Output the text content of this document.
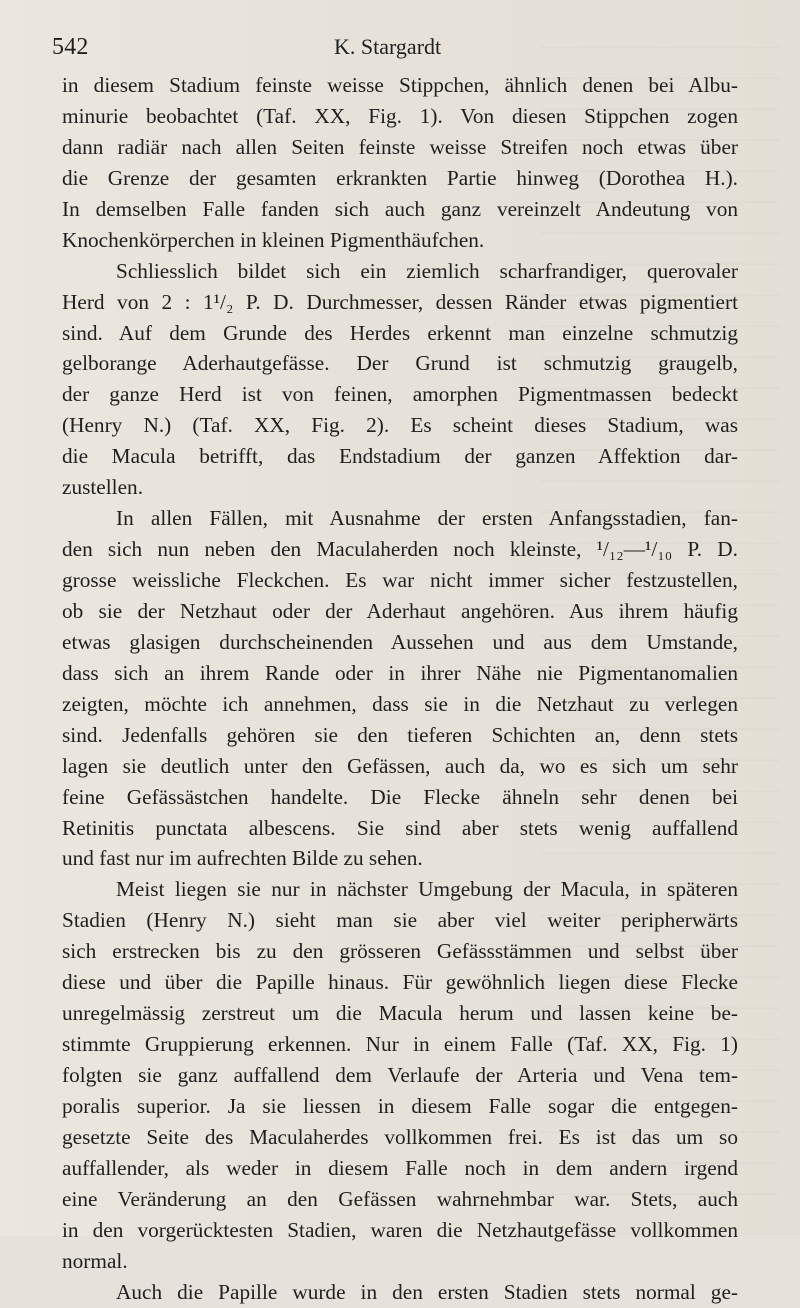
542	K. Stargardt
in diesem Stadium feinste weisse Stippchen, ähnlich denen bei Albu-
minurie beobachtet (Taf. XX, Fig. 1). Von diesen Stippchen zogen
dann radiär nach allen Seiten feinste weisse Streifen noch etwas über
die Grenze der gesamten erkrankten Partie hinweg (Dorothea H.).
In demselben Falle fanden sich auch ganz vereinzelt Andeutung von
Knochenkörperchen in kleinen Pigmenthäufchen.
Schliesslich bildet sich ein ziemlich scharfrandiger, querovaler
Herd von 2 : 1¹/₂ P. D. Durchmesser, dessen Ränder etwas pigmentiert
sind. Auf dem Grunde des Herdes erkennt man einzelne schmutzig
gelborange Aderhautgefässe. Der Grund ist schmutzig graugelb,
der ganze Herd ist von feinen, amorphen Pigmentmassen bedeckt
(Henry N.) (Taf. XX, Fig. 2). Es scheint dieses Stadium, was
die Macula betrifft, das Endstadium der ganzen Affektion dar-
zustellen.
In allen Fällen, mit Ausnahme der ersten Anfangsstadien, fan-
den sich nun neben den Maculaherden noch kleinste, ¹/₁₂—¹/₁₀ P. D.
grosse weissliche Fleckchen. Es war nicht immer sicher festzustellen,
ob sie der Netzhaut oder der Aderhaut angehören. Aus ihrem häufig
etwas glasigen durchscheinenden Aussehen und aus dem Umstande,
dass sich an ihrem Rande oder in ihrer Nähe nie Pigmentanomalien
zeigten, möchte ich annehmen, dass sie in die Netzhaut zu verlegen
sind. Jedenfalls gehören sie den tieferen Schichten an, denn stets
lagen sie deutlich unter den Gefässen, auch da, wo es sich um sehr
feine Gefässästchen handelte. Die Flecke ähneln sehr denen bei
Retinitis punctata albescens. Sie sind aber stets wenig auffallend
und fast nur im aufrechten Bilde zu sehen.
Meist liegen sie nur in nächster Umgebung der Macula, in späteren
Stadien (Henry N.) sieht man sie aber viel weiter peripherwärts
sich erstrecken bis zu den grösseren Gefässstämmen und selbst über
diese und über die Papille hinaus. Für gewöhnlich liegen diese Flecke
unregelmässig zerstreut um die Macula herum und lassen keine be-
stimmte Gruppierung erkennen. Nur in einem Falle (Taf. XX, Fig. 1)
folgten sie ganz auffallend dem Verlaufe der Arteria und Vena tem-
poralis superior. Ja sie liessen in diesem Falle sogar die entgegen-
gesetzte Seite des Maculaherdes vollkommen frei. Es ist das um so
auffallender, als weder in diesem Falle noch in dem andern irgend
eine Veränderung an den Gefässen wahrnehmbar war. Stets, auch
in den vorgerücktesten Stadien, waren die Netzhautgefässe vollkommen
normal.
Auch die Papille wurde in den ersten Stadien stets normal ge-
